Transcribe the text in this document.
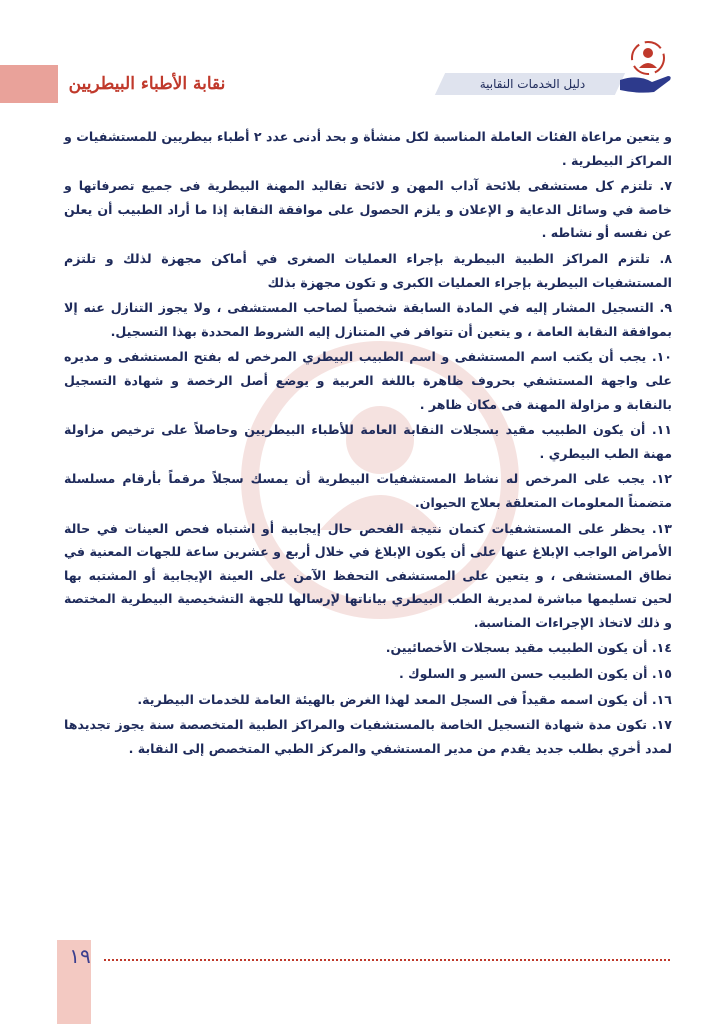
نقابة الأطباء البيطريين	دليل الخدمات النقابية

و يتعين مراعاة الفئات العاملة المناسبة لكل منشأة و بحد أدنى عدد ٢ أطباء بيطريين للمستشفيات و المراكز البيطرية .

٧. تلتزم كل مستشفى بلائحة آداب المهن و لائحة تقاليد المهنة البيطرية فى جميع تصرفاتها و خاصة في وسائل الدعاية و الإعلان و يلزم الحصول على موافقة النقابة إذا ما أراد الطبيب أن يعلن عن نفسه أو نشاطه .

٨. تلتزم المراكز الطبية البيطرية بإجراء العمليات الصغرى في أماكن مجهزة لذلك و تلتزم المستشفيات البيطرية بإجراء العمليات الكبرى و تكون مجهزة بذلك

٩. التسجيل المشار إليه في المادة السابقة شخصياً لصاحب المستشفى ، ولا يجوز التنازل عنه إلا بموافقة النقابة العامة ، و يتعين أن تتوافر في المتنازل إليه الشروط المحددة بهذا التسجيل.

١٠. يجب أن يكتب اسم المستشفى و اسم الطبيب البيطري المرخص له بفتح المستشفى و مديره على واجهة المستشفي بحروف ظاهرة باللغة العربية و يوضع أصل الرخصة و شهادة التسجيل بالنقابة و مزاولة المهنة فى مكان ظاهر .

١١. أن يكون الطبيب مقيد بسجلات النقابة العامة للأطباء البيطريين وحاصلاً على ترخيص مزاولة مهنة الطب البيطري .

١٢. يجب على المرخص له نشاط المستشفيات البيطرية أن يمسك سجلاً مرقماً بأرقام مسلسلة متضمناً المعلومات المتعلقة بعلاج الحيوان.

١٣. يحظر على المستشفيات كتمان نتيجة الفحص حال إيجابية أو اشتباه فحص العينات في حالة الأمراض الواجب الإبلاغ عنها على أن يكون الإبلاغ في خلال أربع و عشرين ساعة للجهات المعنية في نطاق المستشفى ، و يتعين على المستشفى التحفظ الآمن على العينة الإيجابية أو المشتبه بها لحين تسليمها مباشرة لمديرية الطب البيطري بياناتها لإرسالها للجهة التشخيصية البيطرية المختصة و ذلك لاتخاذ الإجراءات المناسبة.

١٤. أن يكون الطبيب مقيد بسجلات الأخصائيين.

١٥. أن يكون الطبيب حسن السير و السلوك .

١٦. أن يكون اسمه مقيداً فى السجل المعد لهذا الغرض بالهيئة العامة للخدمات البيطرية.

١٧. تكون مدة شهادة التسجيل الخاصة بالمستشفيات والمراكز الطبية المتخصصة سنة يجوز تجديدها لمدد أخري بطلب جديد يقدم من مدير المستشفي والمركز الطبي المتخصص إلى النقابة .

١٩
